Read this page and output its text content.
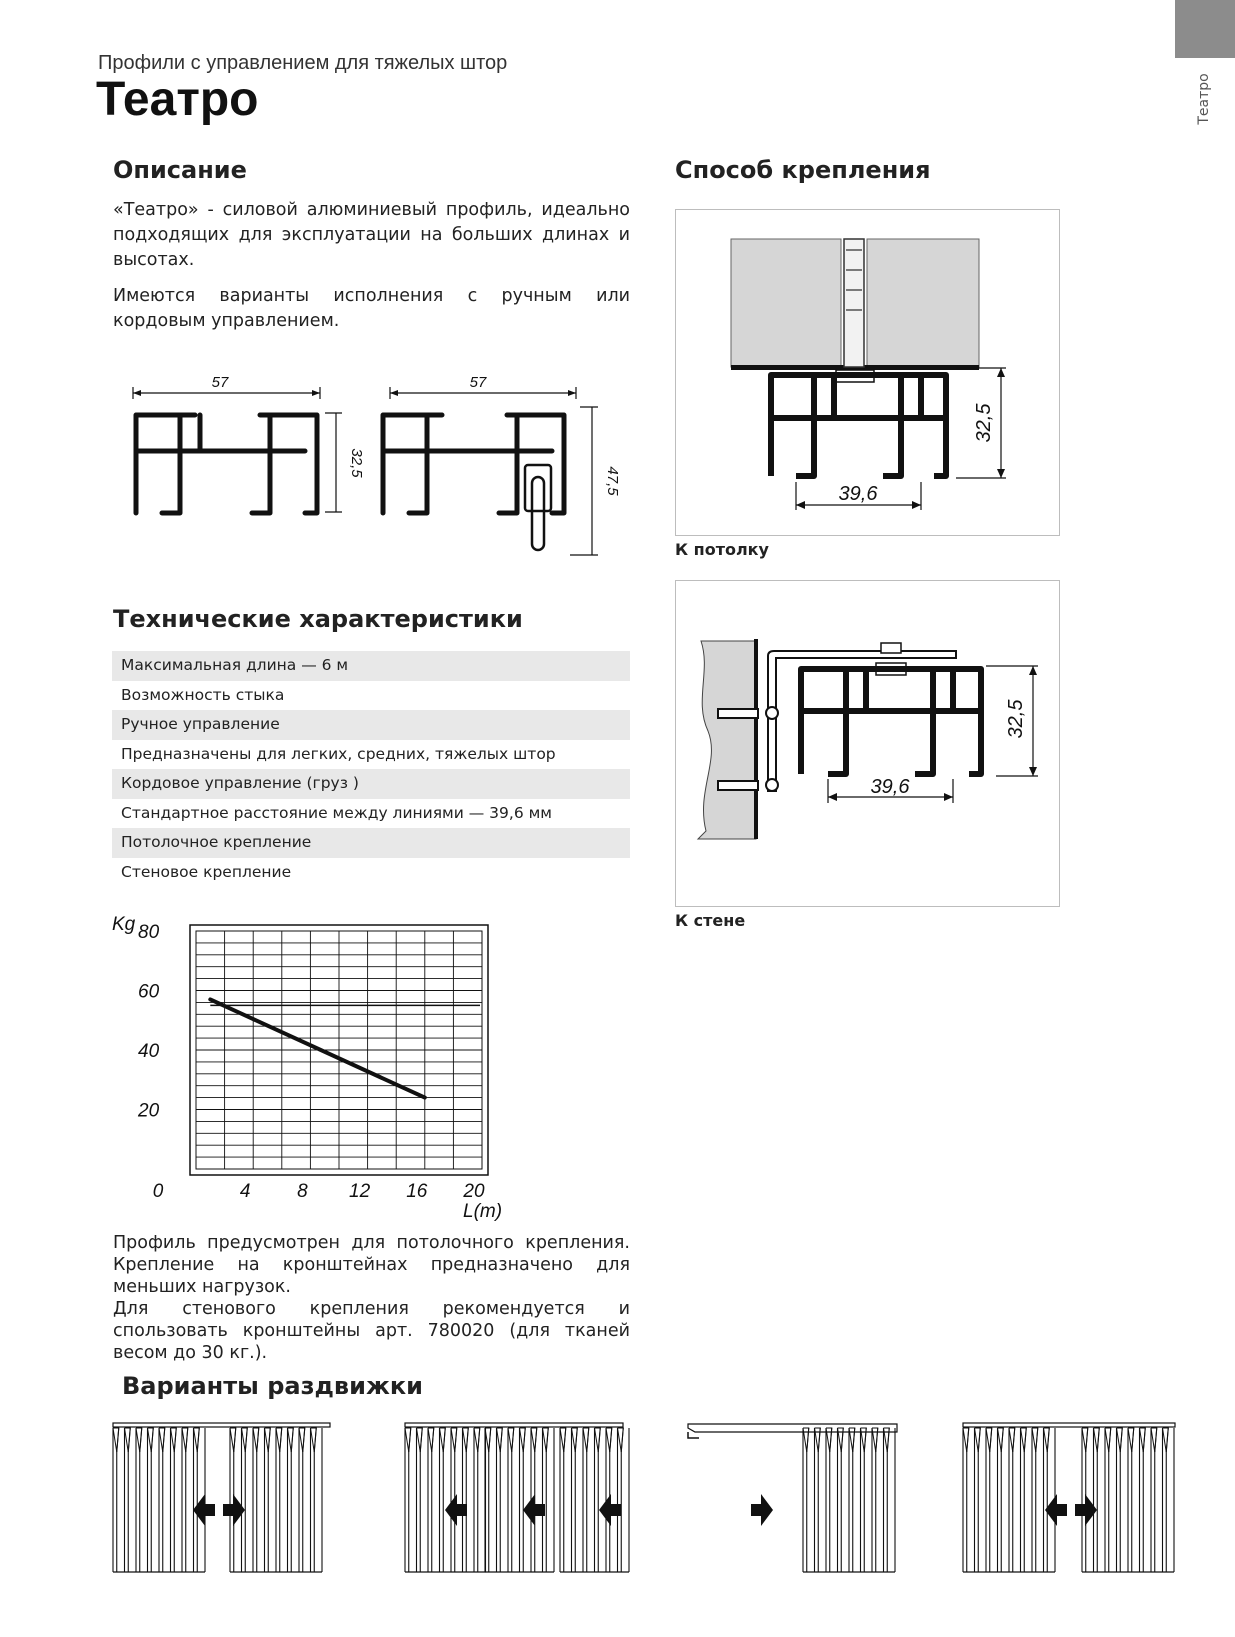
Театро
Профили с управлением для тяжелых штор
Театро
Описание
«Театро» - силовой алюминиевый профиль, идеально подходящих для эксплуатации на больших длинах и высотах.
Имеются варианты исполнения с ручным или кордовым управлением.
57	57
32,5
47,5
Способ крепления
32,5
39,6
К потолку
32,5
39,6
К стене
Технические характеристики
Максимальная длина — 6 м
Возможность стыка
Ручное управление
Предназначены для легких, средних, тяжелых штор
Кордовое управление (груз )
Стандартное расстояние между линиями — 39,6 мм
Потолочное крепление
Стеновое крепление
80
60
40
20
0	4 8 12 16 20
Kg
L(m)
Профиль предусмотрен для потолочного крепления. Крепление на кронштейнах предназначено для меньших нагрузок.
Для стенового крепления рекомендуется и спользовать кронштейны арт. 780020 (для тканей весом до 30 кг.).
Варианты раздвижки
